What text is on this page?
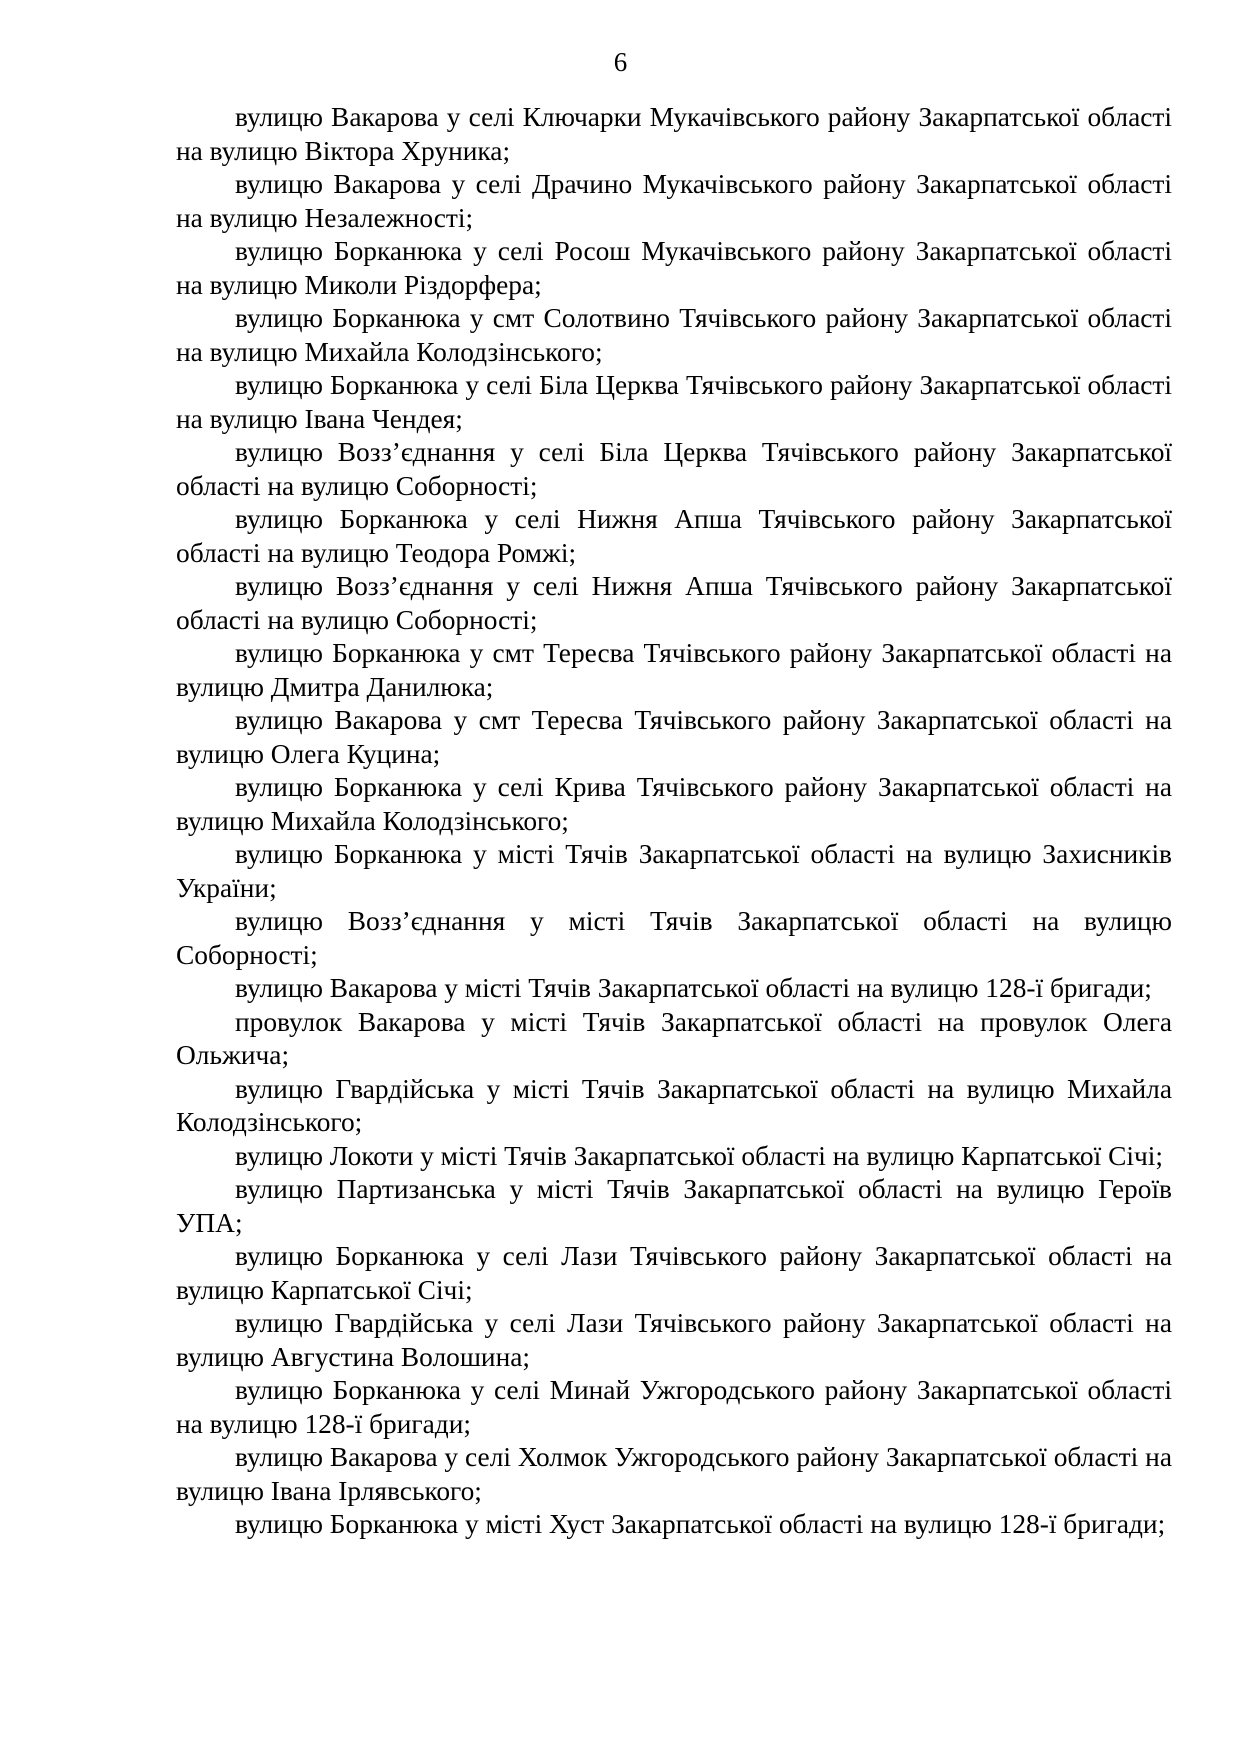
6

вулицю Вакарова у селі Ключарки Мукачівського району Закарпатської області на вулицю Віктора Хруника;

вулицю Вакарова у селі Драчино Мукачівського району Закарпатської області на вулицю Незалежності;

вулицю Борканюка у селі Росош Мукачівського району Закарпатської області на вулицю Миколи Різдорфера;

вулицю Борканюка у смт Солотвино Тячівського району Закарпатської області на вулицю Михайла Колодзінського;

вулицю Борканюка у селі Біла Церква Тячівського району Закарпатської області на вулицю Івана Чендея;

вулицю Возз’єднання у селі Біла Церква Тячівського району Закарпатської області на вулицю Соборності;

вулицю Борканюка у селі Нижня Апша Тячівського району Закарпатської області на вулицю Теодора Ромжі;

вулицю Возз’єднання у селі Нижня Апша Тячівського району Закарпатської області на вулицю Соборності;

вулицю Борканюка у смт Тересва Тячівського району Закарпатської області на вулицю Дмитра Данилюка;

вулицю Вакарова у смт Тересва Тячівського району Закарпатської області на вулицю Олега Куцина;

вулицю Борканюка у селі Крива Тячівського району Закарпатської області на вулицю Михайла Колодзінського;

вулицю Борканюка у місті Тячів Закарпатської області на вулицю Захисників України;

вулицю Возз’єднання у місті Тячів Закарпатської області на вулицю Соборності;

вулицю Вакарова у місті Тячів Закарпатської області на вулицю 128-ї бригади;

провулок Вакарова у місті Тячів Закарпатської області на провулок Олега Ольжича;

вулицю Гвардійська у місті Тячів Закарпатської області на вулицю Михайла Колодзінського;

вулицю Локоти у місті Тячів Закарпатської області на вулицю Карпатської Січі;

вулицю Партизанська у місті Тячів Закарпатської області на вулицю Героїв УПА;

вулицю Борканюка у селі Лази Тячівського району Закарпатської області на вулицю Карпатської Січі;

вулицю Гвардійська у селі Лази Тячівського району Закарпатської області на вулицю Августина Волошина;

вулицю Борканюка у селі Минай Ужгородського району Закарпатської області на вулицю 128-ї бригади;

вулицю Вакарова у селі Холмок Ужгородського району Закарпатської області на вулицю Івана Ірлявського;

вулицю Борканюка у місті Хуст Закарпатської області на вулицю 128-ї бригади;
